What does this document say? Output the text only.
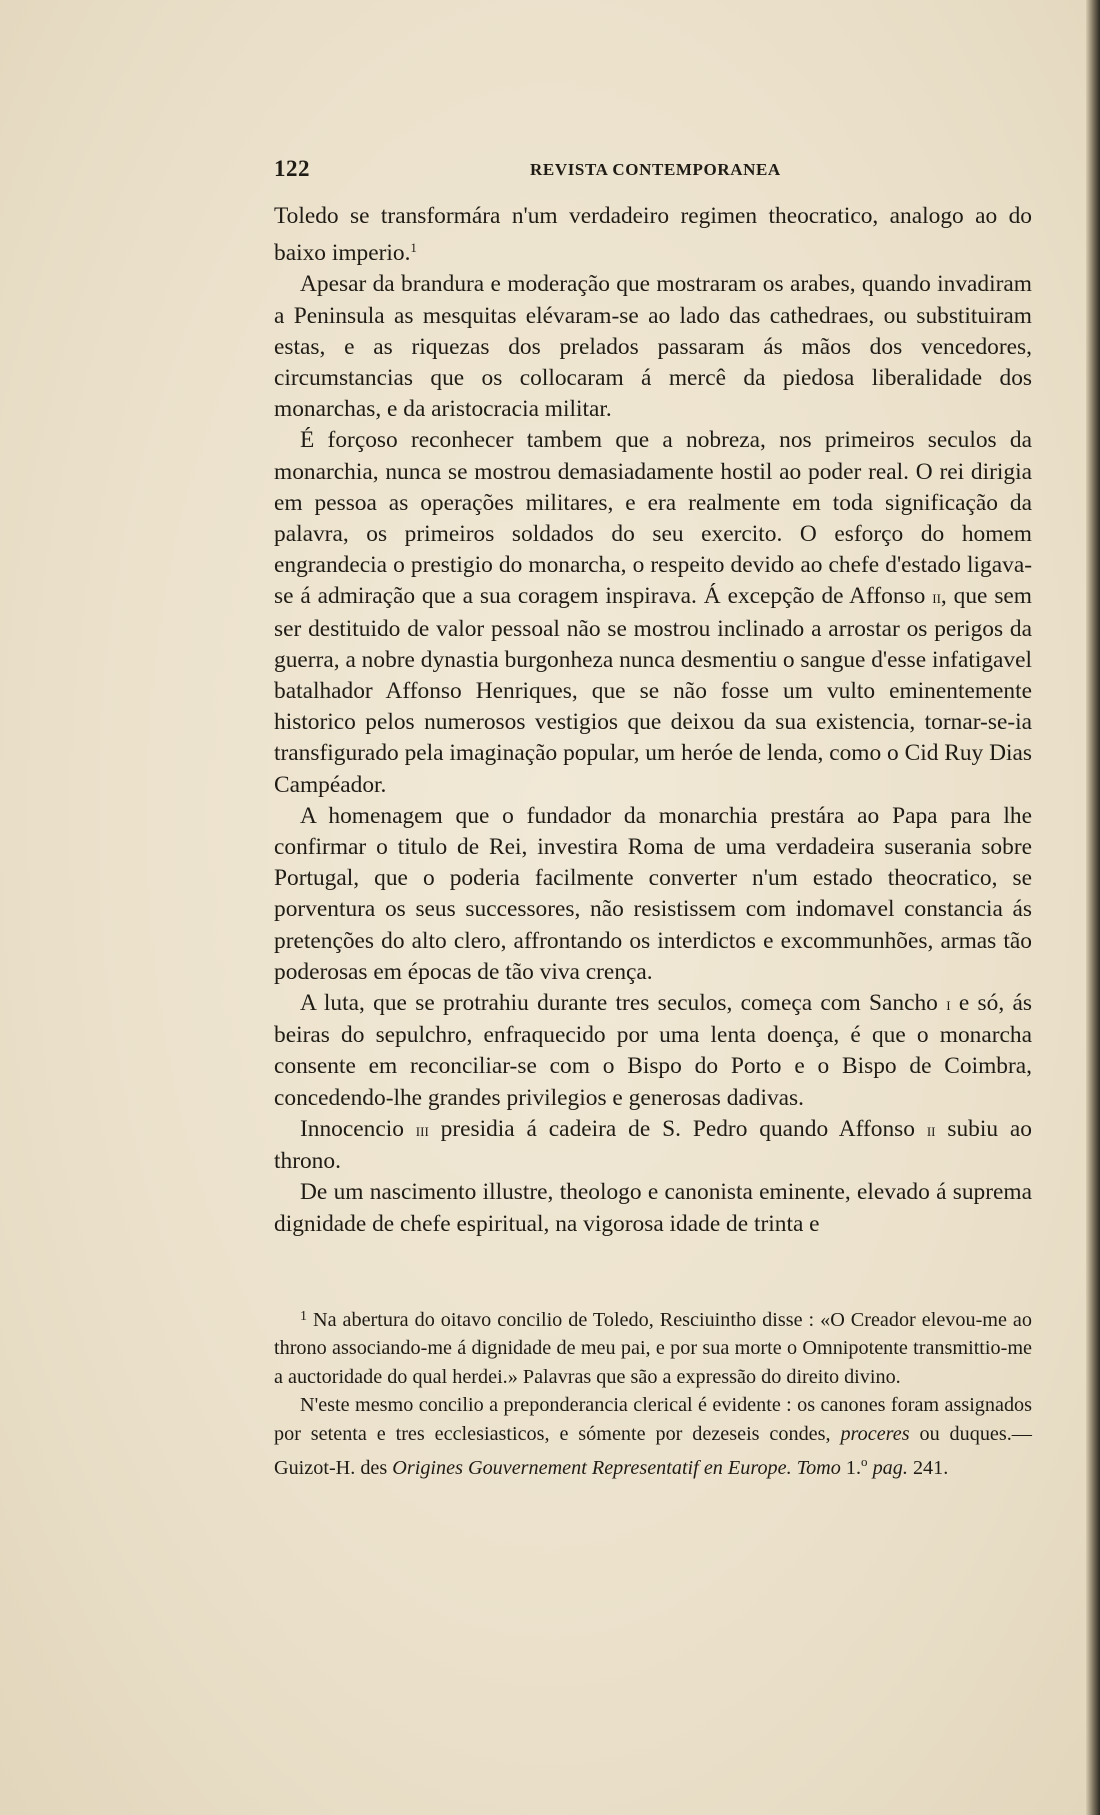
122	REVISTA CONTEMPORANEA

Toledo se transformára n'um verdadeiro regimen theocratico, analogo ao do baixo imperio.$^1$

Apesar da brandura e moderação que mostraram os arabes, quando invadiram a Peninsula as mesquitas elévaram-se ao lado das cathedraes, ou substituiram estas, e as riquezas dos prelados passaram ás mãos dos vencedores, circumstancias que os collocaram á mercê da piedosa liberalidade dos monarchas, e da aristocracia militar.

É forçoso reconhecer tambem que a nobreza, nos primeiros seculos da monarchia, nunca se mostrou demasiadamente hostil ao poder real. O rei dirigia em pessoa as operações militares, e era realmente em toda significação da palavra, os primeiros soldados do seu exercito. O esforço do homem engrandecia o prestigio do monarcha, o respeito devido ao chefe d'estado ligava-se á admiração que a sua coragem inspirava. Á excepção de Affonso ii, que sem ser destituido de valor pessoal não se mostrou inclinado a arrostar os perigos da guerra, a nobre dynastia burgonheza nunca desmentiu o sangue d'esse infatigavel batalhador Affonso Henriques, que se não fosse um vulto eminentemente historico pelos numerosos vestigios que deixou da sua existencia, tornar-se-ia transfigurado pela imaginação popular, um heróe de lenda, como o Cid Ruy Dias Campéador.

A homenagem que o fundador da monarchia prestára ao Papa para lhe confirmar o titulo de Rei, investira Roma de uma verdadeira suserania sobre Portugal, que o poderia facilmente converter n'um estado theocratico, se porventura os seus successores, não resistissem com indomavel constancia ás pretenções do alto clero, affrontando os interdictos e excommunhões, armas tão poderosas em épocas de tão viva crença.

A luta, que se protrahiu durante tres seculos, começa com Sancho i e só, ás beiras do sepulchro, enfraquecido por uma lenta doença, é que o monarcha consente em reconciliar-se com o Bispo do Porto e o Bispo de Coimbra, concedendo-lhe grandes privilegios e generosas dadivas.

Innocencio iii presidia á cadeira de S. Pedro quando Affonso ii subiu ao throno.

De um nascimento illustre, theologo e canonista eminente, elevado á suprema dignidade de chefe espiritual, na vigorosa idade de trinta e

$^1$ Na abertura do oitavo concilio de Toledo, Resciuintho disse : «O Creador elevou-me ao throno associando-me á dignidade de meu pai, e por sua morte o Omnipotente transmittio-me a auctoridade do qual herdei.» Palavras que são a expressão do direito divino.

N'este mesmo concilio a preponderancia clerical é evidente : os canones foram assignados por setenta e tres ecclesiasticos, e sómente por dezeseis condes, proceres ou duques.—Guizot-H. des Origines Gouvernement Representatif en Europe. Tomo 1.$^o$ pag. 241.
